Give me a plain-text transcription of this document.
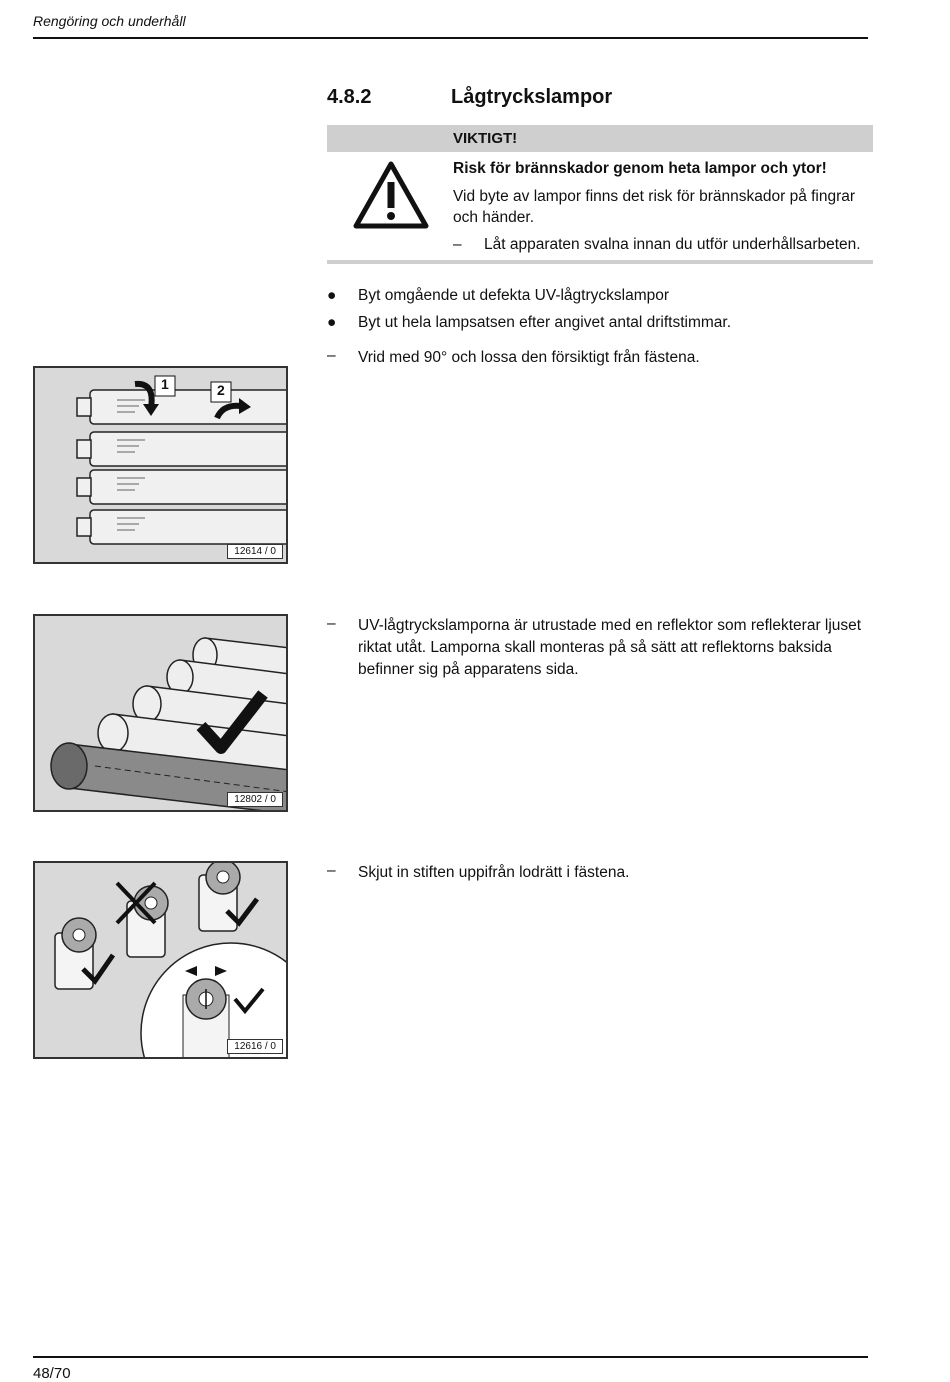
Rengöring och underhåll
4.8.2	Lågtryckslampor
VIKTIGT!
Risk för brännskador genom heta lampor och ytor!
Vid byte av lampor finns det risk för brännskador på fingrar och händer.
– Låt apparaten svalna innan du utför underhållsarbeten.
● Byt omgående ut defekta UV-lågtryckslampor
● Byt ut hela lampsatsen efter angivet antal driftstimmar.
– Vrid med 90° och lossa den försiktigt från fästena.
– UV-lågtryckslamporna är utrustade med en reflektor som reflekterar ljuset riktat utåt. Lamporna skall monteras på så sätt att reflektorns baksida befinner sig på apparatens sida.
– Skjut in stiften uppifrån lodrätt i fästena.
1	2
12614 / 0
12802 / 0
12616 / 0
48/70
